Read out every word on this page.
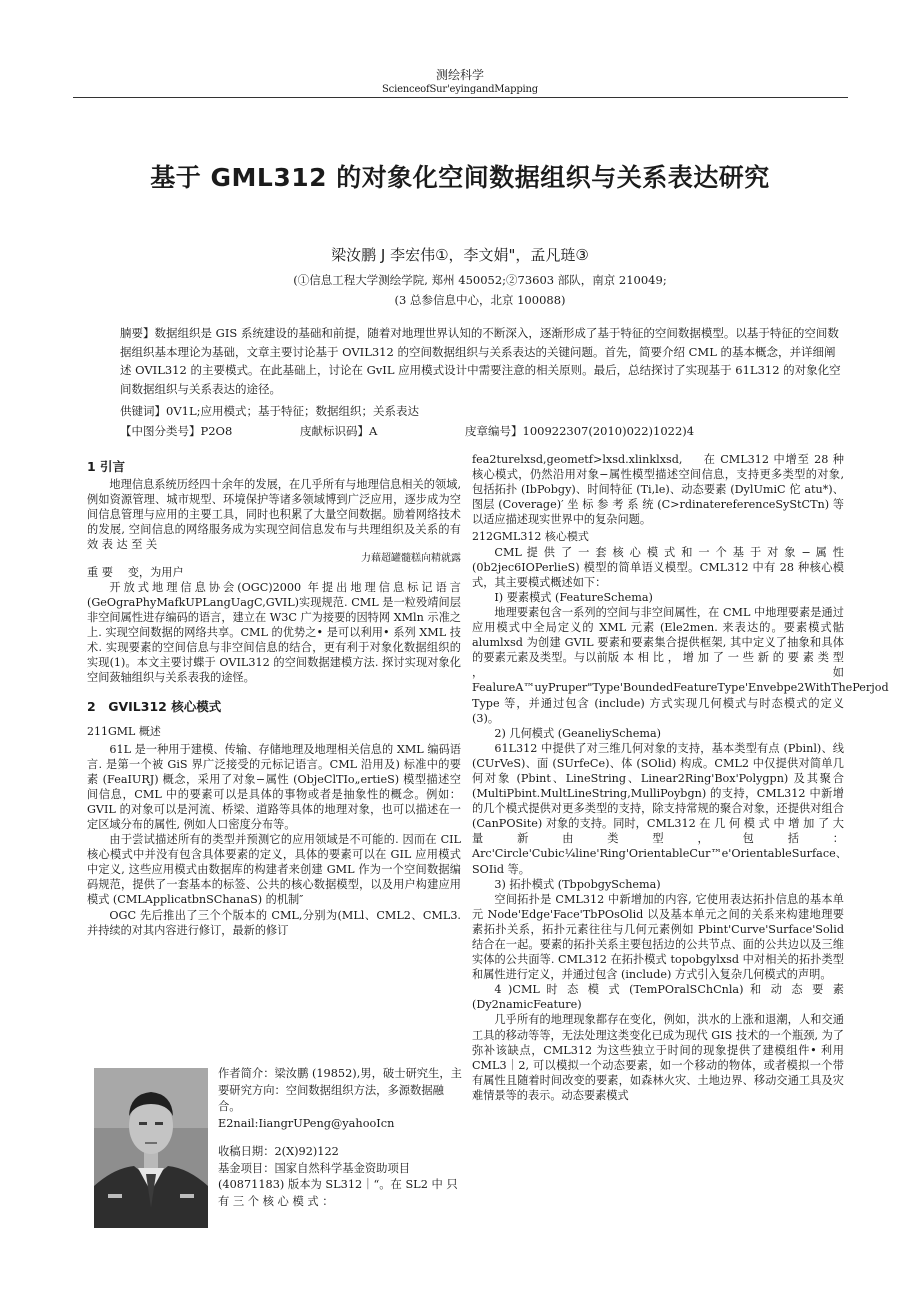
测绘科学
ScienceofSur'eyingandMapping
基于 GML312 的对象化空间数据组织与关系表达研究
梁汝鹏 J 李宏伟①，李文娟"，孟凡琏③
(①信息工程大学测绘学院, 郑州 450052;②73603 部队，南京 210049;
(3 总参信息中心，北京 100088)

腩要】数据组织是 GIS 系统建设的基础和前提，随着对地理世界认知的不断深入，逐渐形成了基于特征的空间数据模型。以基于特征的空间数据组织基本理论为基础，文章主要讨论基于 OVIL312 的空间数据组织与关系表达的关键问题。首先，简要介绍 CML 的基本概念，并详细阐述 OVIL312 的主要模式。在此基础上，讨论在 GvIL 应用模式设计中需要注意的相关原则。最后，总结探讨了实现基于 61L312 的对象化空间数据组织与关系表达的途径。

供键词】0V1L;应用模式；基于特征；数据组织；关系表达
【中图分类号】P2O8	庋献标识码】A	庋章编号】100922307(2010)022)1022)4
1 引言

地理信息系统历经四十余年的发展，在几乎所有与地理信息相关的领域, 例如资源管理、城市规型、环境保护等诸多领域博到广泛应用，逐步成为空间信息管理与应用的主要工具，同时也积累了大量空间数据。励着网络技术的发展, 空间信息的网络服务成为实现空间信息发布与共理组织及关系的有 效 表 达 至 关

力藉超罐髓糕向精就露

重 要 变，为用户

开放式地理信息协会(OGC)2000 年提出地理信息标记语言 (GeOgraPhyMafkUPLangUagC,GVIL)实现规范. CML 是一粒殁靖间层非空间属性进存编码的语言，建立在 W3C 广为接要的因特网 XMln 示准之上. 实现空间数据的网络共享。CML 的优势之• 是可以利用• 系列 XML 技术. 实现要素的空间信息与非空间信息的结合，更有利于对象化数据组织的实现(1)。本文主要讨蝶于 OVIL312 的空间数据建模方法. 探讨实现对象化空间蔹轴组织与关系表我的途怪。

2　GVIL312 核心模式
211GML 概述

61L 是一种用于建模、传输、存储地理及地理相关信息的 XML 编码语言. 是第一个被 GiS 界广泛接受的元标记语言。CML 沿用及) 标准中的要素 (FeaIURJ) 概念，采用了对象−属性 (ObjeClTIo„ertieS) 模型描述空间信息，CML 中的要素可以是具体的事物或者是抽象性的概念。例如：GVIL 的对象可以是河流、桥梁、道路等具体的地理对象，也可以描述在一定区域分布的属性, 例如人口密度分布等。

由于尝试描述所有的类型并预测它的应用领域是不可能的. 因而在 CIL 核心模式中并没有包含具体要素的定义，具体的要素可以在 GIL 应用模式中定义, 这些应用模式由数据库的构建者来创建 GML 作为一个空间数据编码规范，提供了一套基本的标签、公共的核心数据模型，以及用户构建应用模式 (CMLApplicatbnSChanaS) 的机制″

OGC 先后推出了三个个版本的 CML,分别为(MLl、CML2、CML3. 并持续的对其内容进行修订，最新的修订

作者简介：梁汝鹏 (19852),男，破士研究生，主要研究方向：空间数据组织方法，多源数据融合。

E2nail:IiangrUPeng@yahooIcn

收稿日期：2(X)92)122

基金项目：国家自然科学基金资助项目(40871183) 版本为 SL312｜“。在 SL2 中 只 有 三 个 核 心 模 式 ：

fea2turelxsd,geometf>lxsd.xlinklxsd, 在 CML312 中增至 28 种核心模式，仍然沿用对象−属性模型描述空间信息，支持更多类型的对象, 包括拓扑 (IbPobgy)、时间特征 (Ti,le)、动态要素 (DylUmiC 佗 atu*)、图层 (Coverage)′ 坐 标 参 考 系 统 (C>rdinatereferenceSyStCTn) 等以适应描述现实世界中的复杂问题。

212GML312 核心模式

CML 提 供 了 一 套 核 心 模 式 和 一 个 基 于 对 象 − 属 性 (0b2jec6IOPerlieS) 模型的简单语义模型。CML312 中有 28 种核心模式，其主要模式概述如下：

I) 要素模式 (FeatureSchema)

地理要素包含一系列的空间与非空间属性，在 CML 中地理要素是通过应用模式中全局定义的 XML 元素 (Ele2men. 来表达的。要素模式骷 alumlxsd 为创建 GVIL 要素和要素集合提供框架, 其中定义了抽象和具体的要素元素及类型。与以前版 本 相 比 ， 增 加 了 一 些 新 的 要 素 类 型 ， 如 FealureA™uyPruper"Type'BoundedFeatureType'Envebpe2WithThePerjod Type 等，并通过包含 (include) 方式实现几何模式与时态模式的定义(3)。

2) 几何模式 (GeaneliySchema)

61L312 中提供了对三维几何对象的支持，基本类型有点 (Pbinl)、线 (CUrVeS)、面 (SUrfeCe)、体 (SOlid) 构成。CML2 中仅提供对简单几何对象 (Pbint、LineString、Linear2Ring'Box'Polygpn) 及其聚合 (MultiPbint.MultLineString,MulliPoybgn) 的支持，CML312 中新增的几个模式提供对更多类型的支持，除支持常规的聚合对象，还提供对组合 (CanPOSite) 对象的支持。同时，CML312 在 几 何 模 式 中 增 加 了 大 量 新 由 类 型 ， 包 括 ：Arc'Circle'Cubic¼line'Ring'OrientableCur™e'OrientableSurface、SOIid 等。

3) 拓扑模式 (TbpobgySchema)

空间拓扑是 CML312 中新增加的内容, 它使用表达拓扑信息的基本单元 Node'Edge'Face'TbPOsOlid 以及基本单元之间的关系来构建地理要素拓扑关系，拓扑元素往往与几何元素例如 Pbint'Curve'Surface'Solid 结合在一起。要素的拓扑关系主要包括边的公共节点、面的公共边以及三维实体的公共面等. CML312 在拓扑模式 topobgylxsd 中对相关的拓扑类型和属性进行定义，并通过包含 (include) 方式引入复杂几何模式的声明。

4 )CML 时 态 模 式 (TemPOralSChCnla) 和 动 态 要 素 (Dy2namicFeature)

几乎所有的地理现象都存在变化，例如，洪水的上涨和退潮，人和交通工具的移动等等，无法处理这类变化已成为现代 GIS 技术的一个瓶颈, 为了弥补该缺点，CML312 为这些独立于时间的现象提供了建模组件• 利用 CML3｜2, 可以模拟一个动态要素，如一个移动的物体，或者模拟一个带有属性且随着时间改变的要素，如森林火灾、土地边界、移动交通工具及灾难情景等的表示。动态要素模式
